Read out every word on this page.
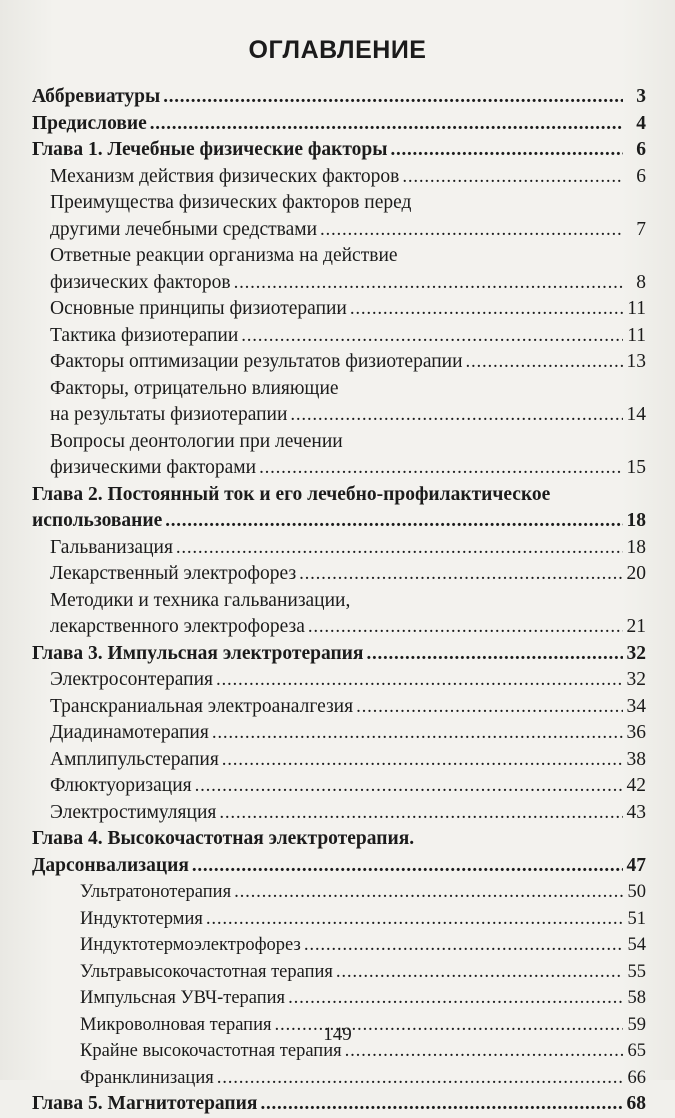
ОГЛАВЛЕНИЕ
Аббревиатуры . . .	3
Предисловие . . .	4
Глава 1. Лечебные физические факторы . . .	6
Механизм действия физических факторов . . .	6
Преимущества физических факторов перед
другими лечебными средствами . . .	7
Ответные реакции организма на действие
физических факторов . . .	8
Основные принципы физиотерапии . . .	11
Тактика физиотерапии . . .	11
Факторы оптимизации результатов физиотерапии . . .	13
Факторы, отрицательно влияющие
на результаты физиотерапии . . .	14
Вопросы деонтологии при лечении
физическими факторами . . .	15
Глава 2. Постоянный ток и его лечебно-профилактическое
использование . . .	18
Гальванизация . . .	18
Лекарственный электрофорез . . .	20
Методики и техника гальванизации,
лекарственного электрофореза . . .	21
Глава 3. Импульсная электротерапия . . .	32
Электросонтерапия . . .	32
Транскраниальная электроаналгезия . . .	34
Диадинамотерапия . . .	36
Амплипульстерапия . . .	38
Флюктуоризация . . .	42
Электростимуляция . . .	43
Глава 4. Высокочастотная электротерапия.
Дарсонвализация . . .	47
Ультратонотерапия . . .	50
Индуктотермия . . .	51
Индуктотермоэлектрофорез . . .	54
Ультравысокочастотная терапия . . .	55
Импульсная УВЧ-терапия . . .	58
Микроволновая терапия . . .	59
Крайне высокочастотная терапия . . .	65
Франклинизация . . .	66
Глава 5. Магнитотерапия . . .	68
149
